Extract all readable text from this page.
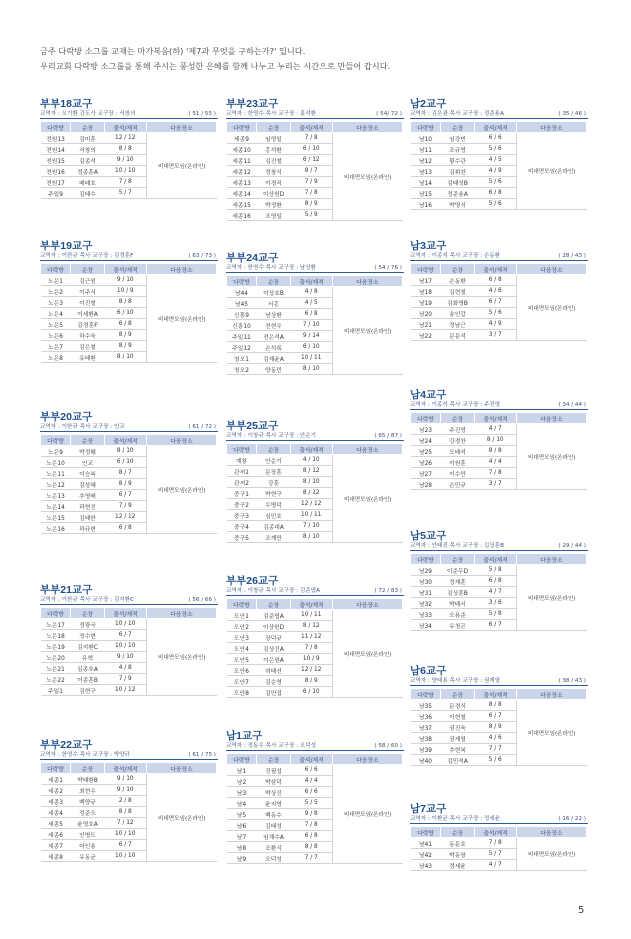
금주 다락방 소그룹 교재는 마가복음(하) '제7과 무엇을 구하는가?' 입니다.
우리교회 다락방 소그룹을 통해 주시는 풍성한 은혜를 함께 나누고 누리는 시간으로 만들어 갑시다.
부부18교구
교역자 : 오기환 강도사 교구장 : 서창의	( 51 / 55 )
다락방	순장	출석/재적	다음장소
전원13	김미훈	12 / 12	비대면모임(온라인)
전원14	서창의	8 / 8	
전원15	김종석	9 / 10	
전원16	정종훈A	10 / 10	
전원17	배태호	7 / 8	
주일9	김태수	5 / 7	
부부19교구
교역자 : 이한규 목사 교구장 : 김경훈F	( 63 / 73 )
다락방	순장	출석/재적	다음장소
노은1	김근원	9 / 10	비대면모임(온라인)
노은2	이주식	10 / 9	
노은3	이진형	8 / 8	
노은4	이세환A	6 / 10	
노은5	김경훈F	6 / 8	
노은6	하수욱	8 / 9	
노은7	김은철	8 / 9	
노은8	유태환	8 / 10	
부부20교구
교역자 : 이한규 목사 교구장 : 인교	( 61 / 72 )
다락방	순장	출석/재적	다음장소
노은9	박정훼	8 / 10	비대면모임(온라인)
노은10	인교	6 / 10	
노은11	이승복	8 / 7	
노은12	김상혜	8 / 9	
노은13	추영배	6 / 7	
노은14	곽현진	7 / 9	
노은15	김태한	12 / 12	
노은16	곽규현	6 / 8	
부부21교구
교역자 : 이한규 목사 교구장 : 김지환C	( 56 / 66 )
다락방	순장	출석/재적	다음장소
노은17	정광국	10 / 10	비대면모임(온라인)
노은18	정수현	6 / 7	
노은19	김지환C	10 / 10	
노은20	유혁	9 / 10	
노은21	김종호A	4 / 8	
노은22	이종훈B	7 / 9	
주일1	김현구	10 / 12	
부부22교구
교역자 : 한영수 목사 교구장 : 박양규	( 61 / 75 )
다락방	순장	출석/재적	다음장소
세종1	박태환B	9 / 10	비대면모임(온라인)
세종2	최현우	9 / 10	
세종3	백양규	2 / 8	
세종4	정준오	8 / 8	
세종5	윤영호A	7 / 12	
세종6	인병도	10 / 10	
세종7	어인용	6 / 7	
세종8	유동균	10 / 10	
부부23교구
교역자 : 한영수 목사 교구장 : 홍석환	( 54/ 72 )
다락방	순장	출석/재적	다음장소
세종9	임영일	7 / 8	비대면모임(온라인)
세종10	홍석환	6 / 10	
세종11	김진철	6 / 12	
세종12	정창식	8 / 7	
세종13	이경직	7 / 9	
세종14	이상원D	7 / 8	
세종15	박정환	8 / 9	
세종16	조영일	5 / 9	
부부24교구
교역자 : 한영수 목사 교구장 : 남상환	( 54 / 76 )
다락방	순장	출석/재적	다음장소
남44	이상호B	4 / 8	비대면모임(온라인)
남45	서홍	4 / 5	
신흥9	남상환	6 / 8	
신흥10	전현우	7 / 10	
주일11	전은석A	9 / 14	
주일12	손석록	6 / 10	
청오1	김재윤A	10 / 11	
청오2	양동민	8 / 10	
부부25교구
교역자 : 이창규 목사 교구장 : 안순기	( 65 / 87 )
다락방	순장	출석/재적	다음장소
계룡	안순기	4 / 10	비대면모임(온라인)
관저1	문장훈	8 / 12	
관저2	강훈	8 / 10	
중구1	박현구	8 / 12	
중구2	우병덕	12 / 12	
중구3	심민호	10 / 11	
중구4	김종대A	7 / 10	
중구5	조계만	8 / 10	
부부26교구
교역자 : 이창규 목사 교구장 : 김준엽A	( 72 / 83 )
다락방	순장	출석/재적	다음장소
도안1	김준엽A	10 / 11	비대면모임(온라인)
도안2	이상헌D	8 / 12	
도안3	장덕규	11 / 12	
도안4	김상진A	7 / 8	
도안5	이은원A	10 / 9	
도안6	허태선	12 / 12	
도안7	김순영	8 / 9	
도안8	김민섭	6 / 10	
남1교구
교역자 : 정동우 목사 교구장 : 오덕성	( 58 / 60 )
다락방	순장	출석/재적	다음장소
남1	진필섭	6 / 6	비대면모임(온라인)
남2	박삼덕	4 / 4	
남3	박상진	6 / 6	
남4	윤지영	5 / 5	
남5	백동수	9 / 8	
남6	김태성	7 / 8	
남7	임채수A	6 / 8	
남8	조환식	8 / 8	
남9	오덕성	7 / 7	
남2교구
교역자 : 김은광 목사 교구장 : 정준용A	( 35 / 46 )
다락방	순장	출석/재적	다음장소
남10	임강빈	6 / 6	비대면모임(온라인)
남11	조규영	5 / 6	
남12	황수관	4 / 5	
남13	김휘찬	4 / 9	
남14	김태성B	5 / 6	
남15	정준용A	6 / 8	
남16	박명식	5 / 6	
남3교구
교역자 : 이종석 목사 교구장 : 손동환	( 28 / 43 )
다락방	순장	출석/재적	다음장소
남17	손동환	6 / 8	비대면모임(온라인)
남18	김현철	4 / 6	
남19	김화영B	6 / 7	
남20	송인갑	5 / 6	
남21	정남근	4 / 9	
남22	문문석	3 / 7	
남4교구
교역자 : 이종석 목사 교구장 : 주진영	( 34 / 44 )
다락방	순장	출석/재적	다음장소
남23	주진영	4 / 7	비대면모임(온라인)
남24	강경찬	8 / 10	
남25	오태석	8 / 8	
남26	이원훈	4 / 4	
남27	이수만	7 / 8	
남28	손민규	3 / 7	
남5교구
교역자 : 안태진 목사 교구장 : 김상훈B	( 29 / 44 )
다락방	순장	출석/재적	다음장소
남29	이준무D	5 / 8	비대면모임(온라인)
남30	정재훈	6 / 8	
남31	김상훈B	4 / 7	
남32	박태서	3 / 6	
남33	오용준	5 / 8	
남34	유청곤	6 / 7	
남6교구
교역자 : 양태용 목사 교구장 : 권재열	( 38 / 43 )
다락방	순장	출석/재적	다음장소
남35	문경식	8 / 8	비대면모임(온라인)
남36	이현철	6 / 7	
남37	권진욱	8 / 9	
남38	권재열	4 / 6	
남39	추현복	7 / 7	
남40	김민석A	5 / 6	
남7교구
교역자 : 이환균 목사 교구장 : 정세윤	( 16 / 22 )
다락방	순장	출석/재적	다음장소
남41	동문호	7 / 8	비대면모임(온라인)
남42	박동창	5 / 7	
남43	정세윤	4 / 7	
5
